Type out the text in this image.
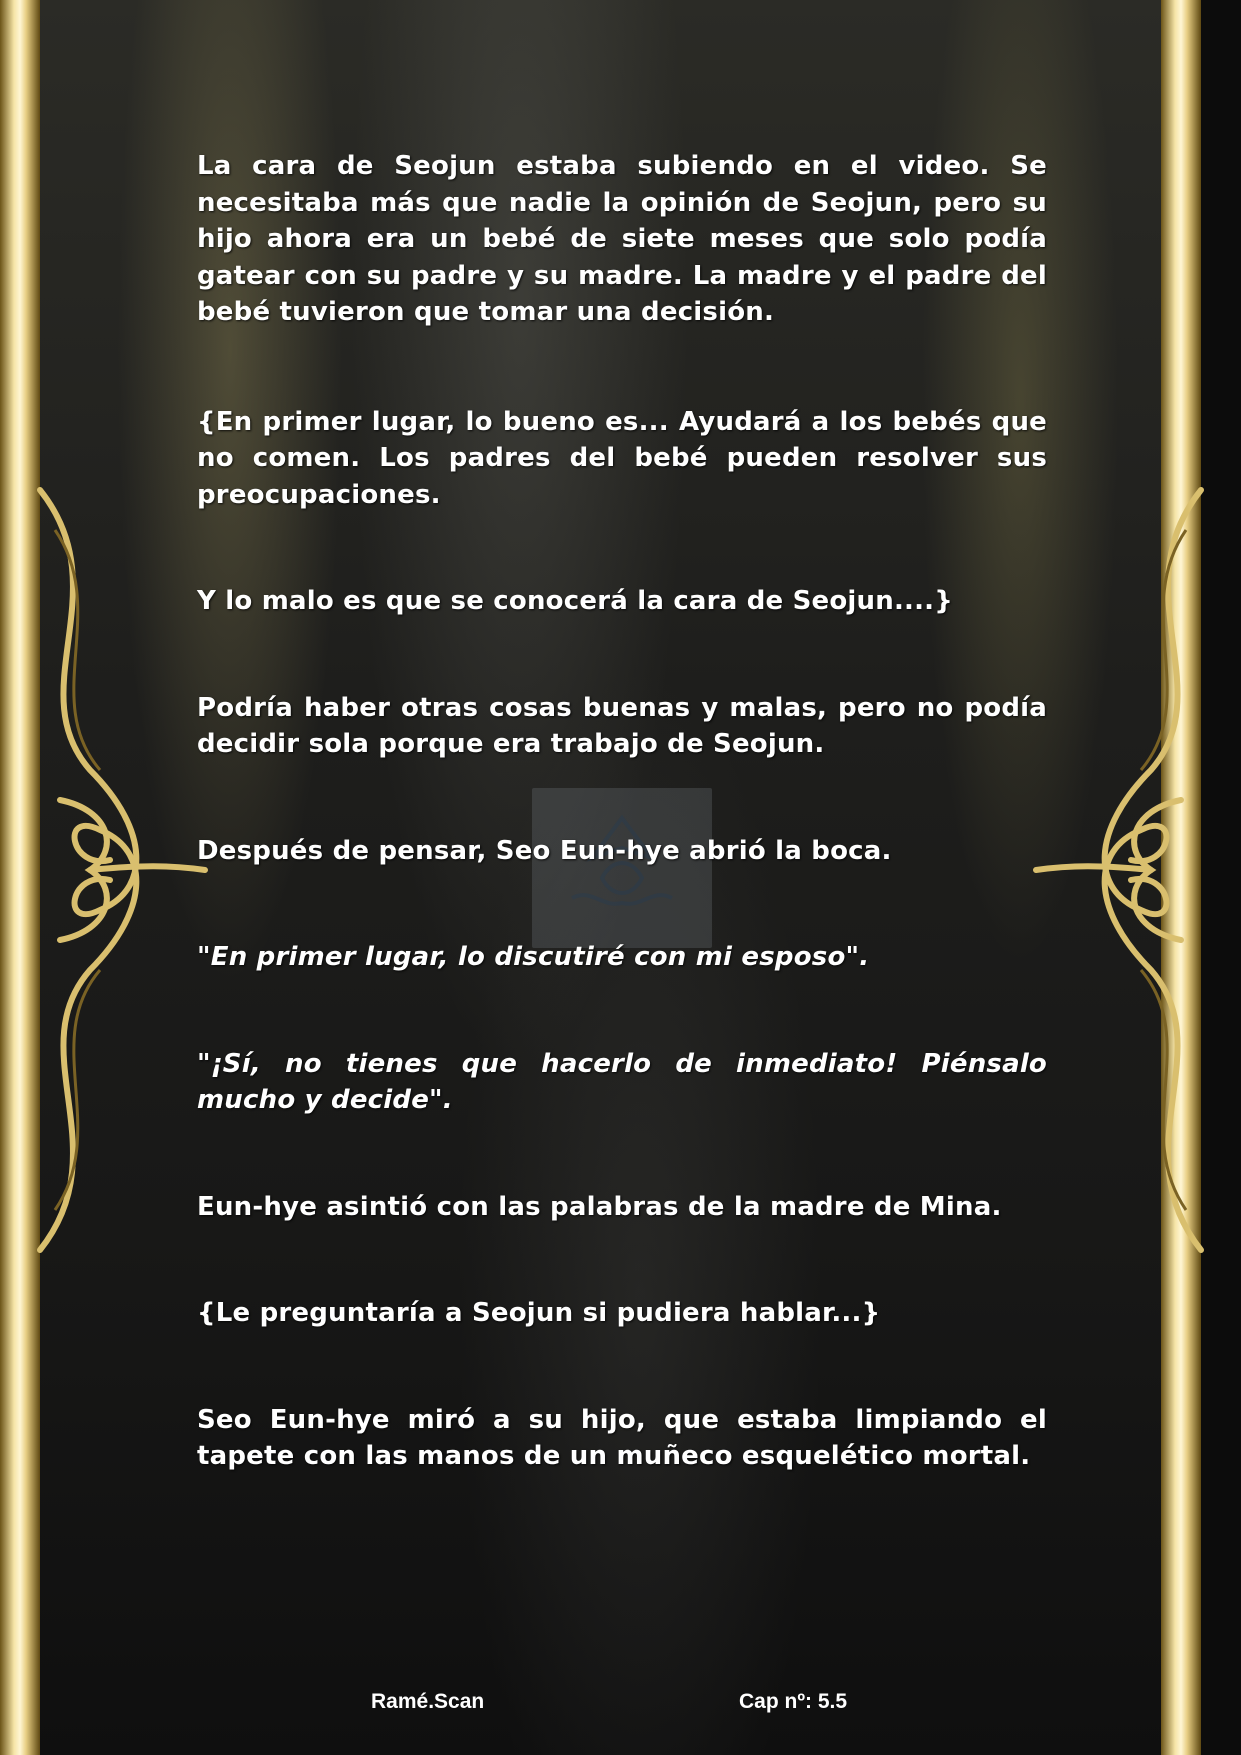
La cara de Seojun estaba subiendo en el video. Se necesitaba más que nadie la opinión de Seojun, pero su hijo ahora era un bebé de siete meses que solo podía gatear con su padre y su madre. La madre y el padre del bebé tuvieron que tomar una decisión.

{En primer lugar, lo bueno es... Ayudará a los bebés que no comen. Los padres del bebé pueden resolver sus preocupaciones.

Y lo malo es que se conocerá la cara de Seojun....}

Podría haber otras cosas buenas y malas, pero no podía decidir sola porque era trabajo de Seojun.

Después de pensar, Seo Eun-hye abrió la boca.

"En primer lugar, lo discutiré con mi esposo".

"¡Sí, no tienes que hacerlo de inmediato! Piénsalo mucho y decide".

Eun-hye asintió con las palabras de la madre de Mina.

{Le preguntaría a Seojun si pudiera hablar...}

Seo Eun-hye miró a su hijo, que estaba limpiando el tapete con las manos de un muñeco esquelético mortal.

Ramé.Scan	Cap nº: 5.5
